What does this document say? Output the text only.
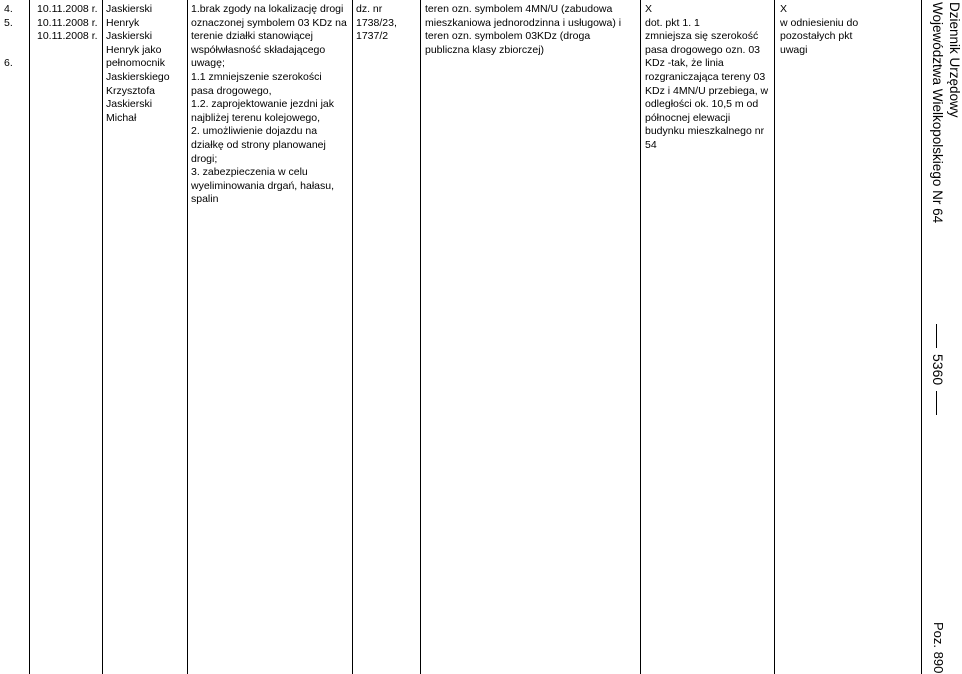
4.
5.
6.
10.11.2008 r.
10.11.2008 r.
10.11.2008 r.
Jaskierski
Henryk
Jaskierski
Henryk jako
pełnomocnik
Jaskierskiego
Krzysztofa
Jaskierski
Michał
1.brak zgody na lokalizację drogi
oznaczonej symbolem 03 KDz na
terenie działki stanowiącej
współwłasność składającego
uwagę;
1.1 zmniejszenie szerokości
pasa drogowego,
1.2. zaprojektowanie jezdni jak
najbliżej terenu kolejowego,
2. umożliwienie dojazdu na
działkę od strony planowanej
drogi;
3. zabezpieczenia w celu
wyeliminowania drgań, hałasu,
spalin
dz. nr
1738/23,
1737/2
teren ozn. symbolem 4MN/U (zabudowa
mieszkaniowa jednorodzinna i usługowa) i
teren ozn. symbolem 03KDz (droga
publiczna klasy zbiorczej)
X
dot. pkt 1. 1
zmniejsza się szerokość
pasa drogowego ozn. 03
KDz -tak, że linia
rozgraniczająca tereny 03
KDz i 4MN/U przebiega, w
odległości ok. 10,5 m od
północnej elewacji
budynku mieszkalnego nr
54
X
w odniesieniu do
pozostałych pkt
uwagi	Dziennik Urzędowy
Województwa Wielkopolskiego Nr 64
5360
Poz. 890
